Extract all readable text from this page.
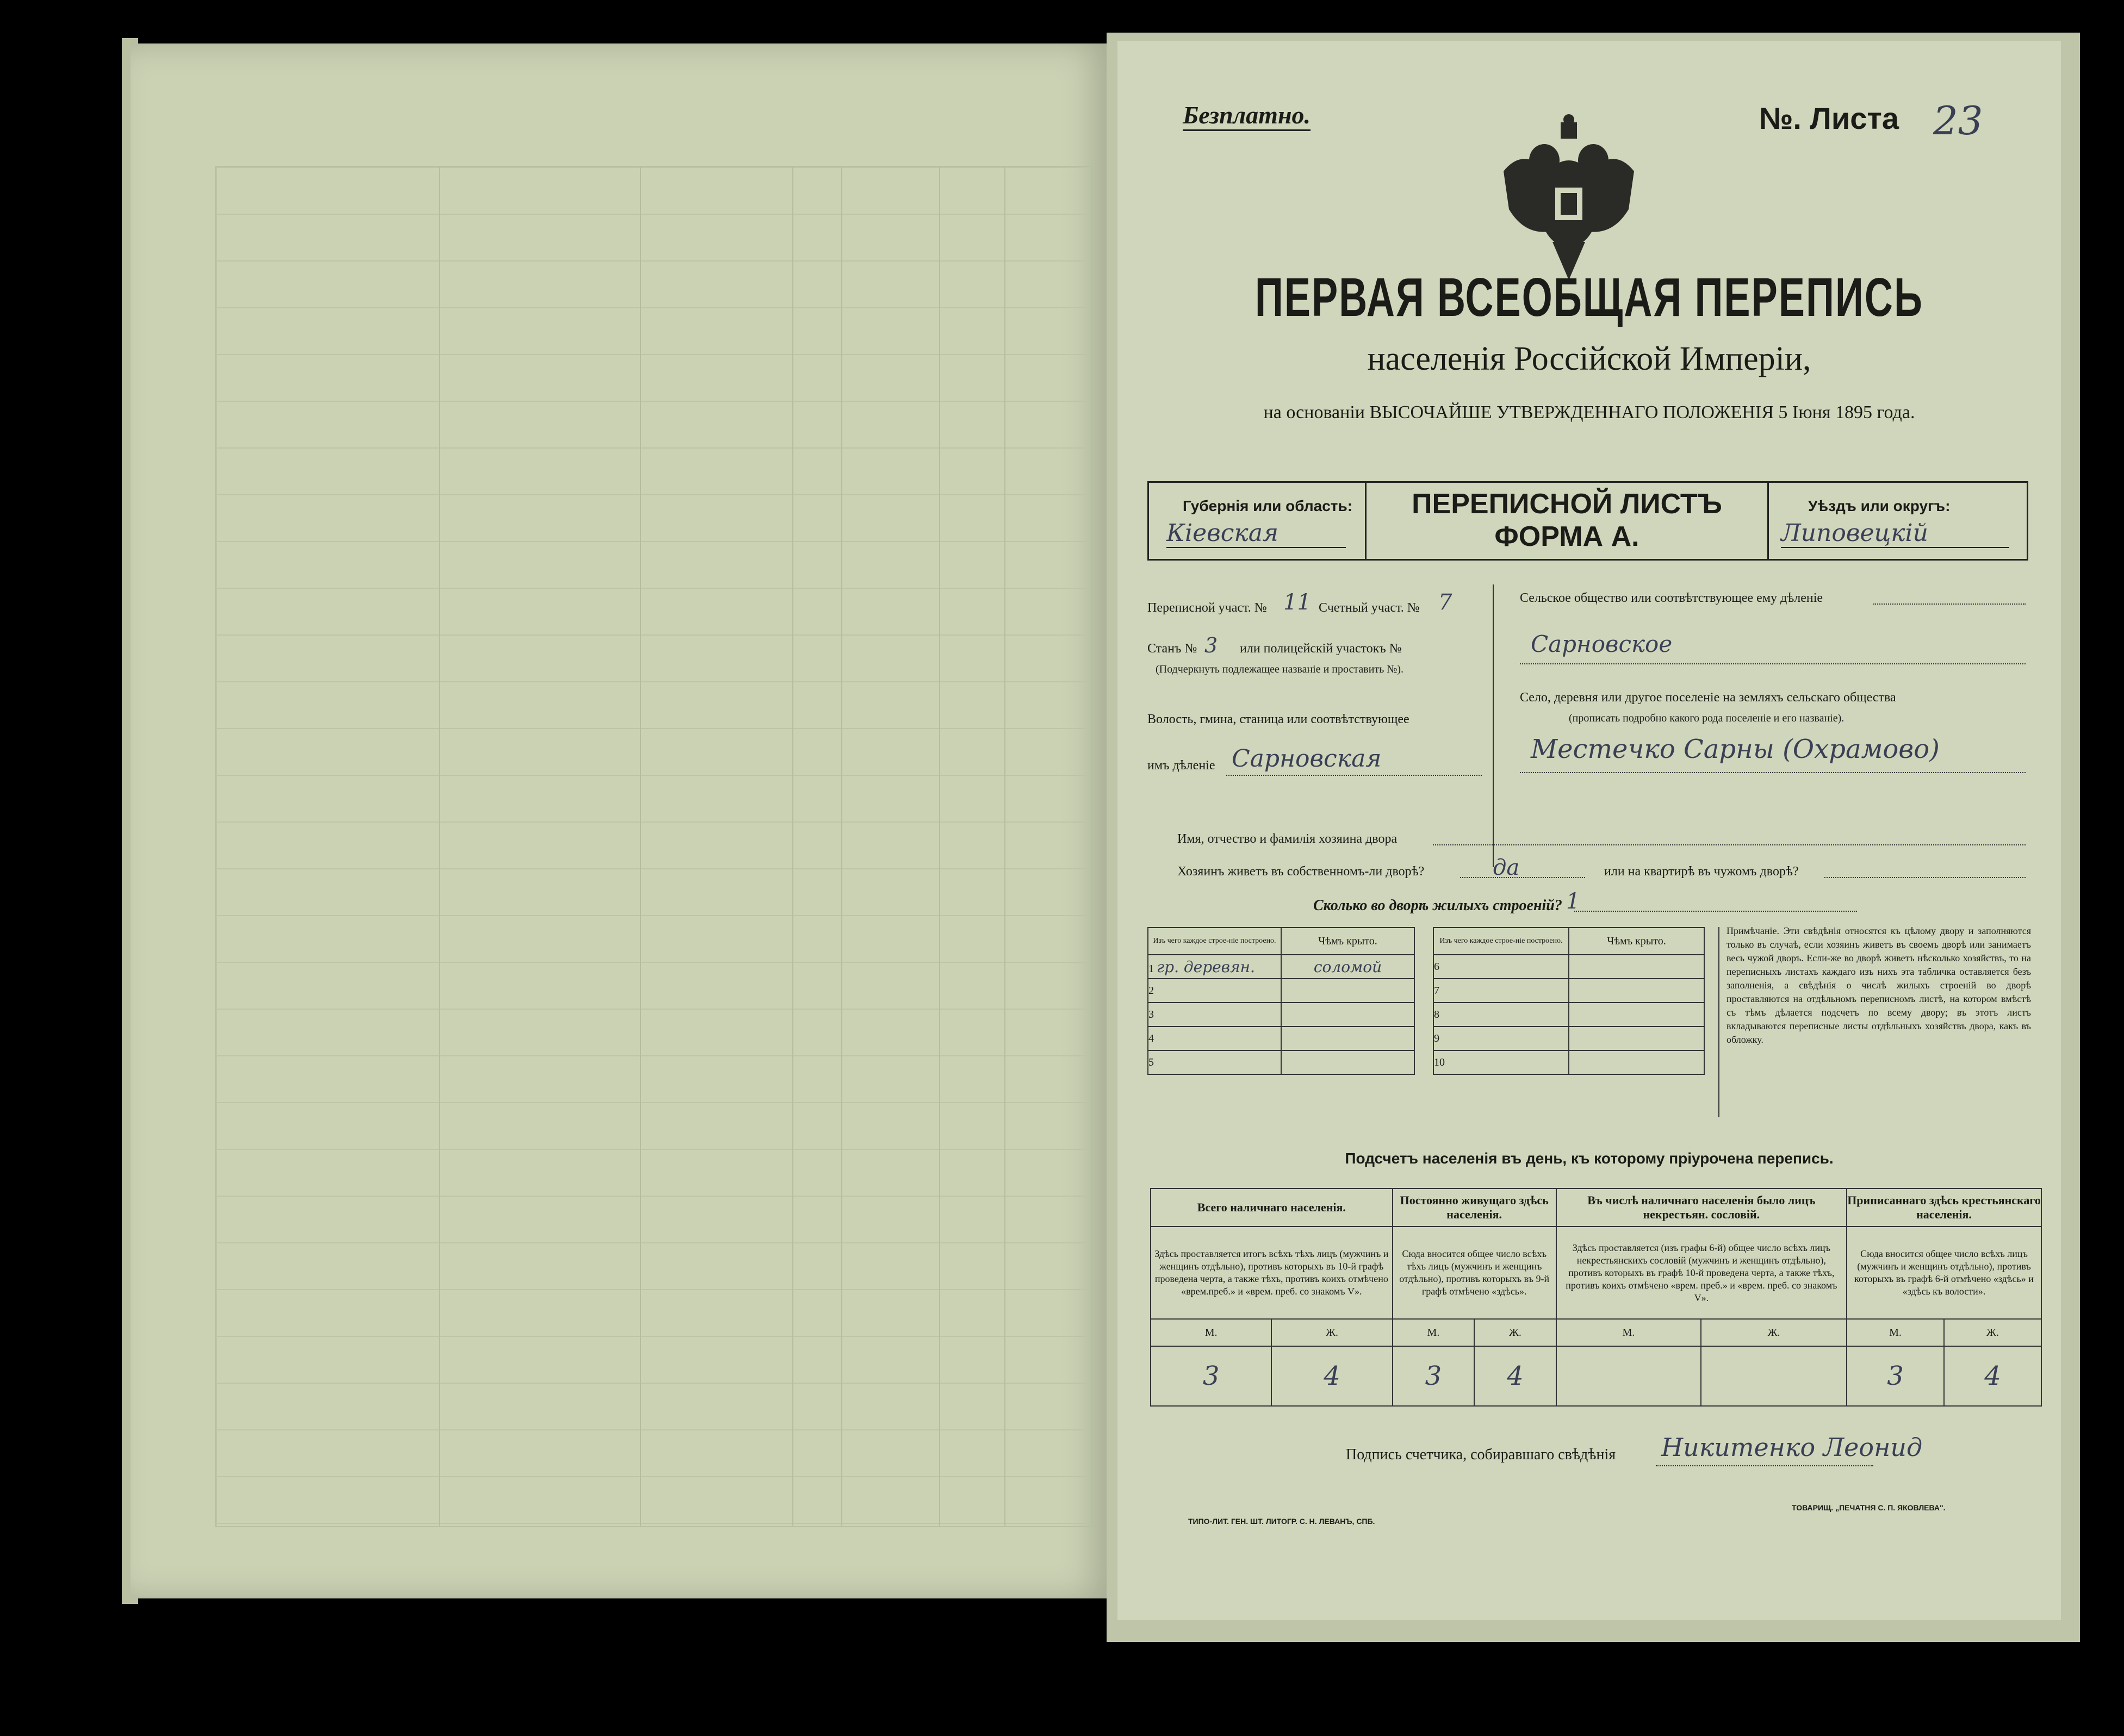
Безплатно.	№. Листа 23
ПЕРВАЯ ВСЕОБЩАЯ ПЕРЕПИСЬ
населенія Россійской Имперіи,
на основаніи ВЫСОЧАЙШЕ УТВЕРЖДЕННАГО ПОЛОЖЕНІЯ 5 Іюня 1895 года.
Губернія или область:
Кіевская
ПЕРЕПИСНОЙ ЛИСТЪ
ФОРМА А.
Уѣздъ или округъ:
Липовецкій
Переписной участ. № 11 Счетный участ. № 7
Станъ № 3 или полицейскій участокъ №
(Подчеркнуть подлежащее названіе и проставить №).
Волость, гмина, станица или соотвѣтствующее
имъ дѣленіе Сарновская
Сельское общество или соотвѣтствующее ему дѣленіе
Сарновское
Село, деревня или другое поселеніе на земляхъ сельскаго общества
(прописать подробно какого рода поселеніе и его названіе).
Местечко Сарны (Охрамово)
Имя, отчество и фамилія хозяина двора
Хозяинъ живетъ въ собственномъ-ли дворѣ?	да	или на квартирѣ въ чужомъ дворѣ?
Сколько во дворѣ жилыхъ строеній? 1
Изъ чего каждое строе-ніе построено.	Чѣмъ крыто.
1 гр. деревян.	соломой
2	
3	
4	
5	
Изъ чего каждое строе-ніе построено.	Чѣмъ крыто.
6	
7	
8	
9	
10	
Примѣчаніе. Эти свѣдѣнія относятся къ цѣлому двору и заполняются только въ случаѣ, если хозяинъ живетъ въ своемъ дворѣ или занимаетъ весь чужой дворъ. Если-же во дворѣ живетъ нѣсколько хозяйствъ, то на переписныхъ листахъ каждаго изъ нихъ эта табличка оставляется безъ заполненія, а свѣдѣнія о числѣ жилыхъ строеній во дворѣ проставляются на отдѣльномъ переписномъ листѣ, на котором вмѣстѣ съ тѣмъ дѣлается подсчетъ по всему двору; въ этотъ листъ вкладываются переписные листы отдѣльныхъ хозяйствъ двора, какъ въ обложку.
Подсчетъ населенія въ день, къ которому пріурочена перепись.
Всего наличнаго населенія.		Постоянно живущаго здѣсь населенія.		Въ числѣ наличнаго населенія было лицъ некрестьян. сословій.		Приписаннаго здѣсь крестьянскаго населенія.	
Здѣсь проставляется итогъ всѣхъ тѣхъ лицъ (мужчинъ и женщинъ отдѣльно), противъ которыхъ въ 10-й графѣ проведена черта, а также тѣхъ, противъ коихъ отмѣчено «врем.преб.» и «врем. преб. со знакомъ V».		Сюда вносится общее число всѣхъ тѣхъ лицъ (мужчинъ и женщинъ отдѣльно), противъ которыхъ въ 9-й графѣ отмѣчено «здѣсь».		Здѣсь проставляется (изъ графы 6-й) общее число всѣхъ лицъ некрестьянскихъ сословій (мужчинъ и женщинъ отдѣльно), противъ которыхъ въ графѣ 10-й проведена черта, а также тѣхъ, противъ коихъ отмѣчено «врем. преб.» и «врем. преб. со знакомъ V».		Сюда вносится общее число всѣхъ лицъ (мужчинъ и женщинъ отдѣльно), противъ которыхъ въ графѣ 6-й отмѣчено «здѣсь» и «здѣсь къ волости».	
М.	Ж.	М.	Ж.	М.	Ж.	М.	Ж.
3	4	3	4			3	4
Подпись счетчика, собиравшаго свѣдѣнія Никитенко Леонид
ТИПО-ЛИТ. ГЕН. ШТ. ЛИТОГР. С. Н. ЛЕВАНЪ, СПБ.
ТОВАРИЩ. „ПЕЧАТНЯ С. П. ЯКОВЛЕВА".
